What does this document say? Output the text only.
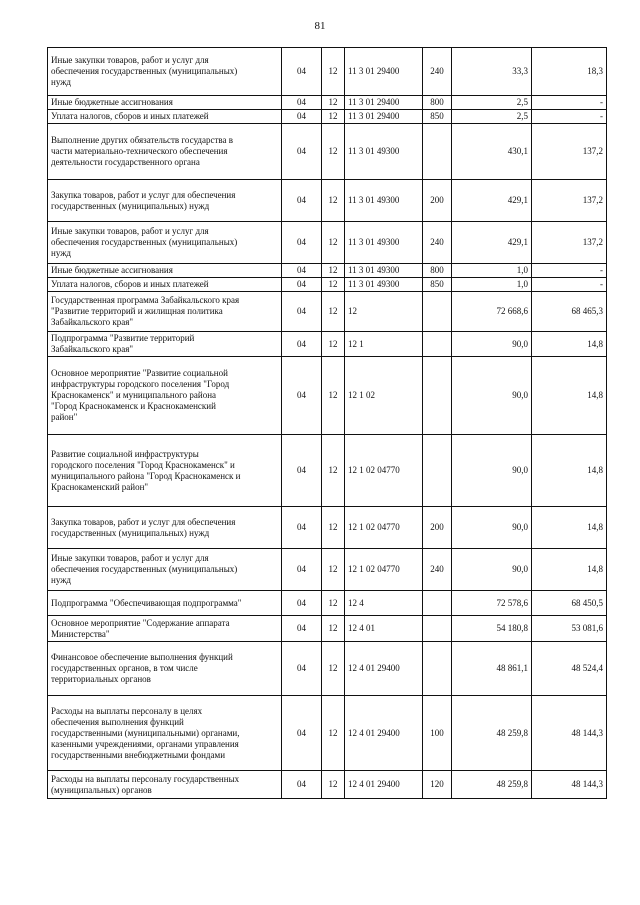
81
Иные закупки товаров, работ и услуг для
обеспечения государственных (муниципальных)
нужд	04	12	11 3 01 29400	240	33,3	18,3

Иные бюджетные ассигнования	04	12	11 3 01 29400	800	2,5	-

Уплата налогов, сборов и иных платежей	04	12	11 3 01 29400	850	2,5	-

Выполнение других обязательств государства в
части материально-технического обеспечения
деятельности государственного органа	04	12	11 3 01 49300		430,1	137,2

Закупка товаров, работ и услуг для обеспечения
государственных (муниципальных) нужд	04	12	11 3 01 49300	200	429,1	137,2

Иные закупки товаров, работ и услуг для
обеспечения государственных (муниципальных)
нужд	04	12	11 3 01 49300	240	429,1	137,2

Иные бюджетные ассигнования	04	12	11 3 01 49300	800	1,0	-

Уплата налогов, сборов и иных платежей	04	12	11 3 01 49300	850	1,0	-

Государственная программа Забайкальского края
"Развитие территорий и жилищная политика
Забайкальского края"	04	12	12		72 668,6	68 465,3

Подпрограмма "Развитие территорий
Забайкальского края"	04	12	12 1		90,0	14,8

Основное мероприятие "Развитие социальной
инфраструктуры городского поселения "Город
Краснокаменск" и муниципального района
"Город Краснокаменск и Краснокаменский
район"	04	12	12 1 02		90,0	14,8

Развитие социальной инфраструктуры
городского поселения "Город Краснокаменск" и
муниципального района "Город Краснокаменск и
Краснокаменский район"	04	12	12 1 02 04770		90,0	14,8

Закупка товаров, работ и услуг для обеспечения
государственных (муниципальных) нужд	04	12	12 1 02 04770	200	90,0	14,8

Иные закупки товаров, работ и услуг для
обеспечения государственных (муниципальных)
нужд	04	12	12 1 02 04770	240	90,0	14,8

Подпрограмма "Обеспечивающая подпрограмма"	04	12	12 4		72 578,6	68 450,5

Основное мероприятие "Содержание аппарата
Министерства"	04	12	12 4 01		54 180,8	53 081,6

Финансовое обеспечение выполнения функций
государственных органов, в том числе
территориальных органов	04	12	12 4 01 29400		48 861,1	48 524,4

Расходы на выплаты персоналу в целях
обеспечения выполнения функций
государственными (муниципальными) органами,
казенными учреждениями, органами управления
государственными внебюджетными фондами	04	12	12 4 01 29400	100	48 259,8	48 144,3

Расходы на выплаты персоналу государственных
(муниципальных) органов	04	12	12 4 01 29400	120	48 259,8	48 144,3
